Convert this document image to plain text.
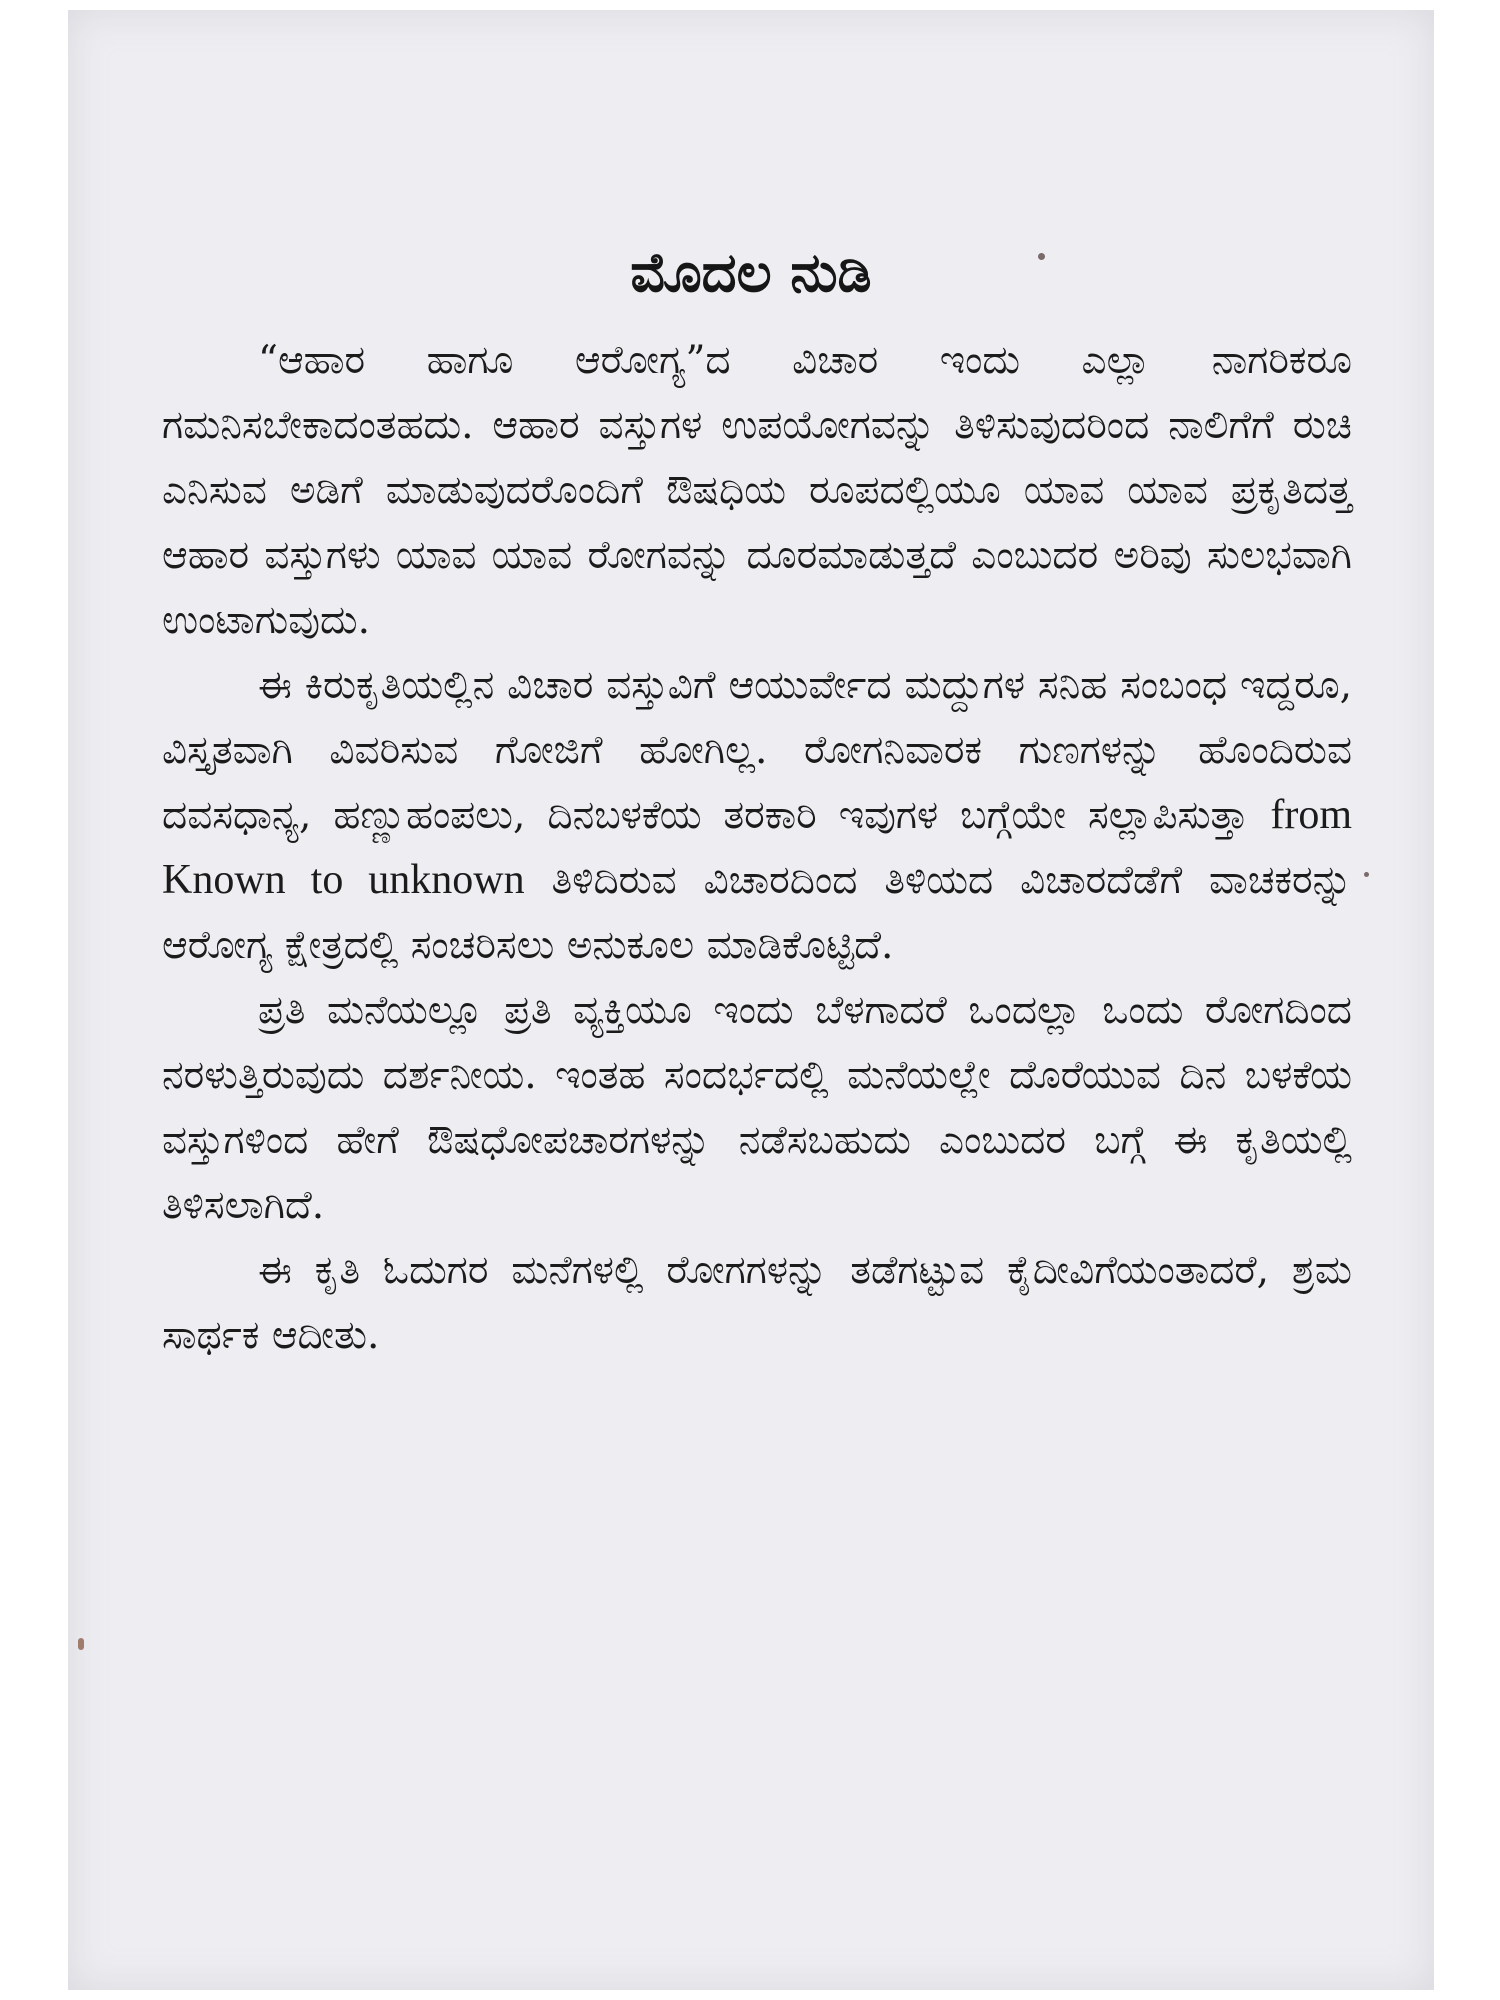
ಮೊದಲ ನುಡಿ

“ಆಹಾರ ಹಾಗೂ ಆರೋಗ್ಯ”ದ ವಿಚಾರ ಇಂದು ಎಲ್ಲಾ ನಾಗರಿಕರೂ ಗಮನಿಸಬೇಕಾದಂತಹದು. ಆಹಾರ ವಸ್ತುಗಳ ಉಪಯೋಗವನ್ನು ತಿಳಿಸುವುದರಿಂದ ನಾಲಿಗೆಗೆ ರುಚಿ ಎನಿಸುವ ಅಡಿಗೆ ಮಾಡುವುದರೊಂದಿಗೆ ಔಷಧಿಯ ರೂಪದಲ್ಲಿಯೂ ಯಾವ ಯಾವ ಪ್ರಕೃತಿದತ್ತ ಆಹಾರ ವಸ್ತುಗಳು ಯಾವ ಯಾವ ರೋಗವನ್ನು ದೂರಮಾಡುತ್ತದೆ ಎಂಬುದರ ಅರಿವು ಸುಲಭವಾಗಿ ಉಂಟಾಗುವುದು.

ಈ ಕಿರುಕೃತಿಯಲ್ಲಿನ ವಿಚಾರ ವಸ್ತುವಿಗೆ ಆಯುರ್ವೇದ ಮದ್ದುಗಳ ಸನಿಹ ಸಂಬಂಧ ಇದ್ದರೂ, ವಿಸ್ತೃತವಾಗಿ ವಿವರಿಸುವ ಗೋಜಿಗೆ ಹೋಗಿಲ್ಲ. ರೋಗನಿವಾರಕ ಗುಣಗಳನ್ನು ಹೊಂದಿರುವ ದವಸಧಾನ್ಯ, ಹಣ್ಣುಹಂಪಲು, ದಿನಬಳಕೆಯ ತರಕಾರಿ ಇವುಗಳ ಬಗ್ಗೆಯೇ ಸಲ್ಲಾಪಿಸುತ್ತಾ from Known to unknown ತಿಳಿದಿರುವ ವಿಚಾರದಿಂದ ತಿಳಿಯದ ವಿಚಾರದೆಡೆಗೆ ವಾಚಕರನ್ನು ಆರೋಗ್ಯ ಕ್ಷೇತ್ರದಲ್ಲಿ ಸಂಚರಿಸಲು ಅನುಕೂಲ ಮಾಡಿಕೊಟ್ಟಿದೆ.

ಪ್ರತಿ ಮನೆಯಲ್ಲೂ ಪ್ರತಿ ವ್ಯಕ್ತಿಯೂ ಇಂದು ಬೆಳಗಾದರೆ ಒಂದಲ್ಲಾ ಒಂದು ರೋಗದಿಂದ ನರಳುತ್ತಿರುವುದು ದರ್ಶನೀಯ. ಇಂತಹ ಸಂದರ್ಭದಲ್ಲಿ ಮನೆಯಲ್ಲೇ ದೊರೆಯುವ ದಿನ ಬಳಕೆಯ ವಸ್ತುಗಳಿಂದ ಹೇಗೆ ಔಷಧೋಪಚಾರಗಳನ್ನು ನಡೆಸಬಹುದು ಎಂಬುದರ ಬಗ್ಗೆ ಈ ಕೃತಿಯಲ್ಲಿ ತಿಳಿಸಲಾಗಿದೆ.

ಈ ಕೃತಿ ಓದುಗರ ಮನೆಗಳಲ್ಲಿ ರೋಗಗಳನ್ನು ತಡೆಗಟ್ಟುವ ಕೈದೀವಿಗೆಯಂತಾದರೆ, ಶ್ರಮ ಸಾರ್ಥಕ ಆದೀತು.
